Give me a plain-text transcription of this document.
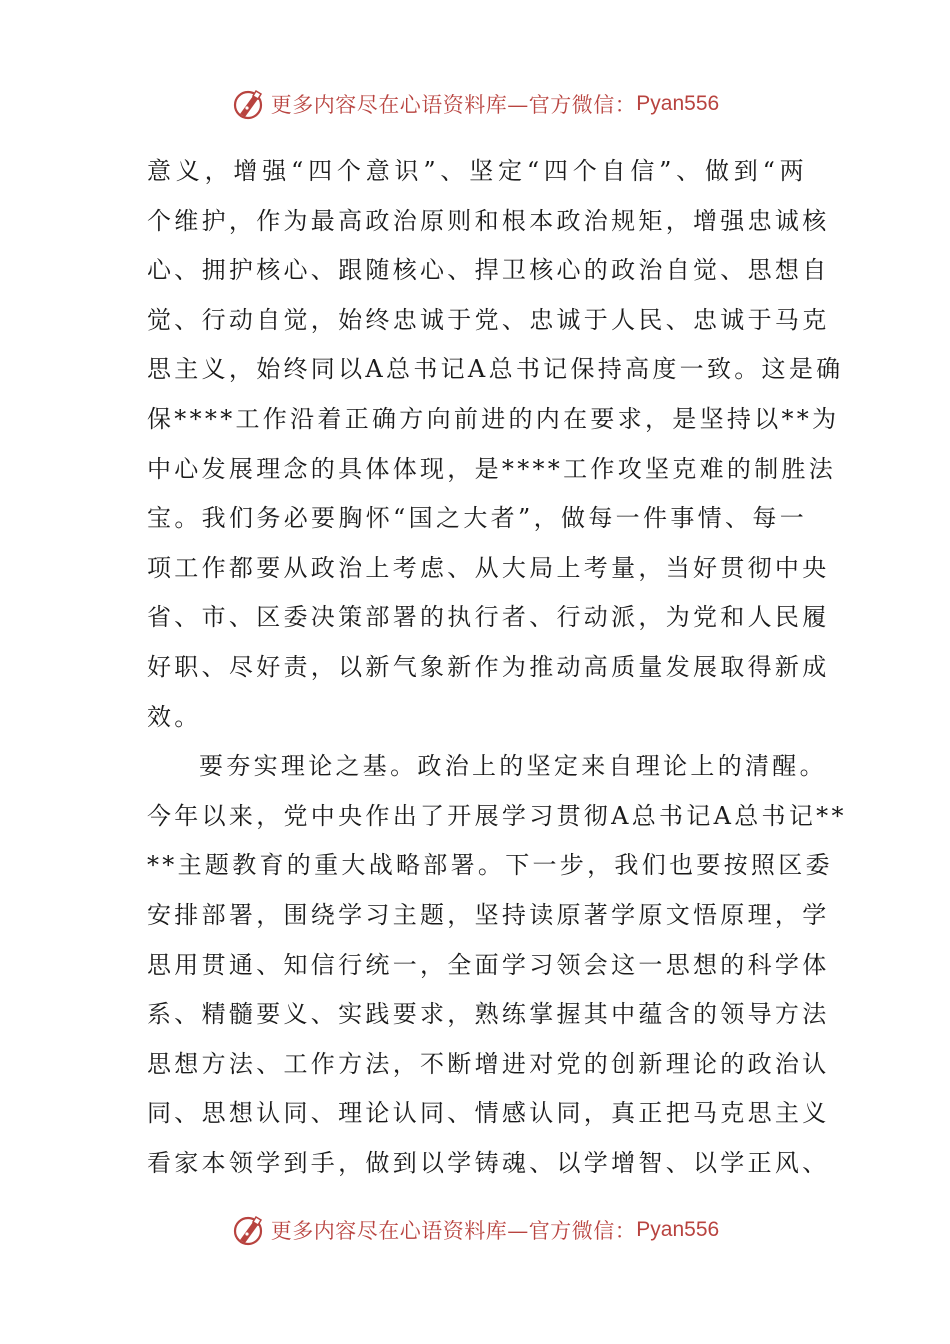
更多内容尽在心语资料库—官方微信： Pyan556
意义，增强“四个意识”、坚定“四个自信”、做到“两
个维护，作为最高政治原则和根本政治规矩，增强忠诚核
心、拥护核心、跟随核心、捍卫核心的政治自觉、思想自
觉、行动自觉，始终忠诚于党、忠诚于人民、忠诚于马克
思主义，始终同以A总书记A总书记保持高度一致。这是确
保****工作沿着正确方向前进的内在要求，是坚持以**为
中心发展理念的具体体现，是****工作攻坚克难的制胜法
宝。我们务必要胸怀“国之大者”，做每一件事情、每一
项工作都要从政治上考虑、从大局上考量，当好贯彻中央
省、市、区委决策部署的执行者、行动派，为党和人民履
好职、尽好责，以新气象新作为推动高质量发展取得新成
效。
要夯实理论之基。政治上的坚定来自理论上的清醒。
今年以来，党中央作出了开展学习贯彻A总书记A总书记**
**主题教育的重大战略部署。下一步，我们也要按照区委
安排部署，围绕学习主题，坚持读原著学原文悟原理，学
思用贯通、知信行统一，全面学习领会这一思想的科学体
系、精髓要义、实践要求，熟练掌握其中蕴含的领导方法
思想方法、工作方法，不断增进对党的创新理论的政治认
同、思想认同、理论认同、情感认同，真正把马克思主义
看家本领学到手，做到以学铸魂、以学增智、以学正风、
更多内容尽在心语资料库—官方微信： Pyan556
